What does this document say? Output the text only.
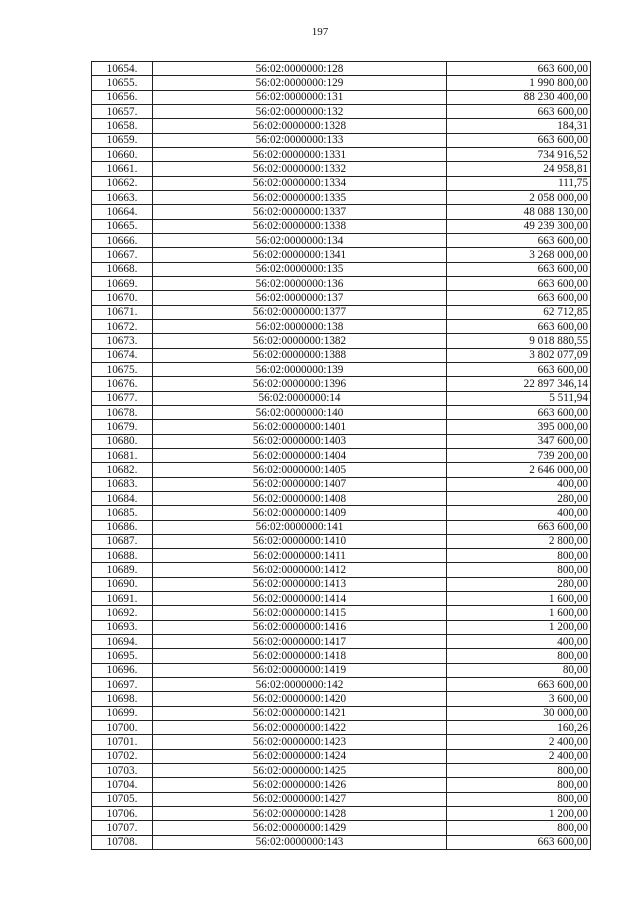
197
10654.	56:02:0000000:128	663 600,00
10655.	56:02:0000000:129	1 990 800,00
10656.	56:02:0000000:131	88 230 400,00
10657.	56:02:0000000:132	663 600,00
10658.	56:02:0000000:1328	184,31
10659.	56:02:0000000:133	663 600,00
10660.	56:02:0000000:1331	734 916,52
10661.	56:02:0000000:1332	24 958,81
10662.	56:02:0000000:1334	111,75
10663.	56:02:0000000:1335	2 058 000,00
10664.	56:02:0000000:1337	48 088 130,00
10665.	56:02:0000000:1338	49 239 300,00
10666.	56:02:0000000:134	663 600,00
10667.	56:02:0000000:1341	3 268 000,00
10668.	56:02:0000000:135	663 600,00
10669.	56:02:0000000:136	663 600,00
10670.	56:02:0000000:137	663 600,00
10671.	56:02:0000000:1377	62 712,85
10672.	56:02:0000000:138	663 600,00
10673.	56:02:0000000:1382	9 018 880,55
10674.	56:02:0000000:1388	3 802 077,09
10675.	56:02:0000000:139	663 600,00
10676.	56:02:0000000:1396	22 897 346,14
10677.	56:02:0000000:14	5 511,94
10678.	56:02:0000000:140	663 600,00
10679.	56:02:0000000:1401	395 000,00
10680.	56:02:0000000:1403	347 600,00
10681.	56:02:0000000:1404	739 200,00
10682.	56:02:0000000:1405	2 646 000,00
10683.	56:02:0000000:1407	400,00
10684.	56:02:0000000:1408	280,00
10685.	56:02:0000000:1409	400,00
10686.	56:02:0000000:141	663 600,00
10687.	56:02:0000000:1410	2 800,00
10688.	56:02:0000000:1411	800,00
10689.	56:02:0000000:1412	800,00
10690.	56:02:0000000:1413	280,00
10691.	56:02:0000000:1414	1 600,00
10692.	56:02:0000000:1415	1 600,00
10693.	56:02:0000000:1416	1 200,00
10694.	56:02:0000000:1417	400,00
10695.	56:02:0000000:1418	800,00
10696.	56:02:0000000:1419	80,00
10697.	56:02:0000000:142	663 600,00
10698.	56:02:0000000:1420	3 600,00
10699.	56:02:0000000:1421	30 000,00
10700.	56:02:0000000:1422	160,26
10701.	56:02:0000000:1423	2 400,00
10702.	56:02:0000000:1424	2 400,00
10703.	56:02:0000000:1425	800,00
10704.	56:02:0000000:1426	800,00
10705.	56:02:0000000:1427	800,00
10706.	56:02:0000000:1428	1 200,00
10707.	56:02:0000000:1429	800,00
10708.	56:02:0000000:143	663 600,00
